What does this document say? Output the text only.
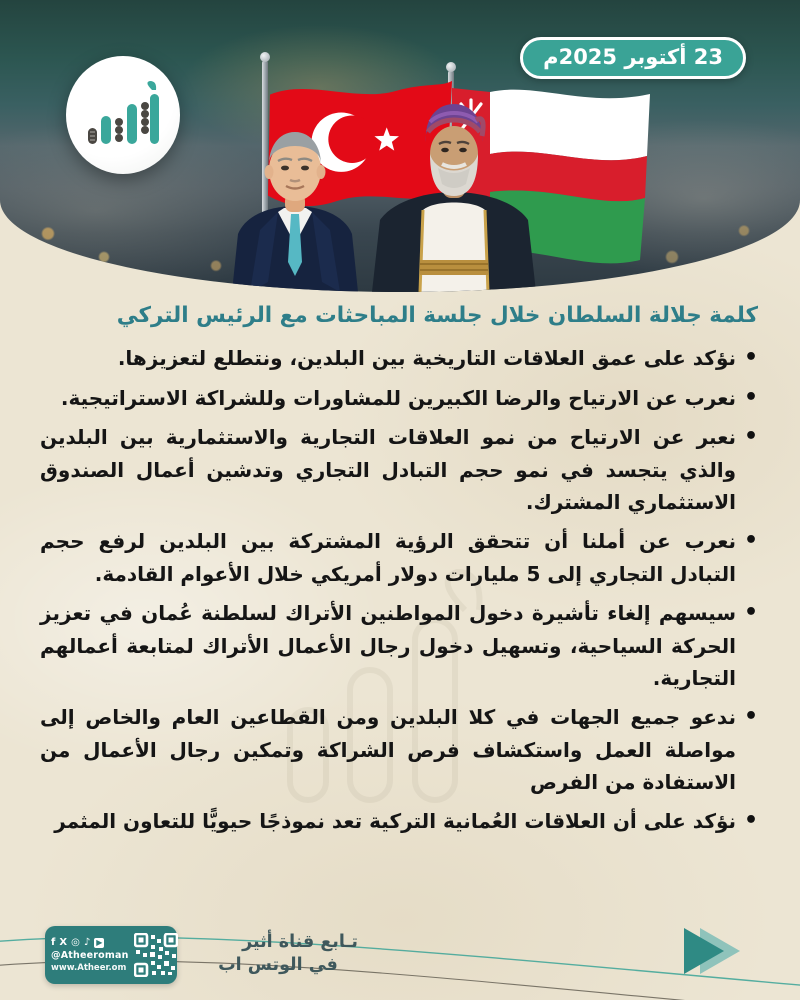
23 أكتوبر 2025م
كلمة جلالة السلطان خلال جلسة المباحثات مع الرئيس التركي
• نؤكد على عمق العلاقات التاريخية بين البلدين، ونتطلع لتعزيزها.
• نعرب عن الارتياح والرضا الكبيرين للمشاورات وللشراكة الاستراتيجية.
• نعبر عن الارتياح من نمو العلاقات التجارية والاستثمارية بين البلدين والذي يتجسد في نمو حجم التبادل التجاري وتدشين أعمال الصندوق الاستثماري المشترك.
• نعرب عن أملنا أن تتحقق الرؤية المشتركة بين البلدين لرفع حجم التبادل التجاري إلى 5 مليارات دولار أمريكي خلال الأعوام القادمة.
• سيسهم إلغاء تأشيرة دخول المواطنين الأتراك لسلطنة عُمان في تعزيز الحركة السياحية، وتسهيل دخول رجال الأعمال الأتراك لمتابعة أعمالهم التجارية.
• ندعو جميع الجهات في كلا البلدين ومن القطاعين العام والخاص إلى مواصلة العمل واستكشاف فرص الشراكة وتمكين رجال الأعمال من الاستفادة من الفرص
• نؤكد على أن العلاقات العُمانية التركية تعد نموذجًا حيويًّا للتعاون المثمر
f X ◎ ♪ ▶
@Atheeroman
www.Atheer.om
تـابع قناة أثير
في الوتس اب
